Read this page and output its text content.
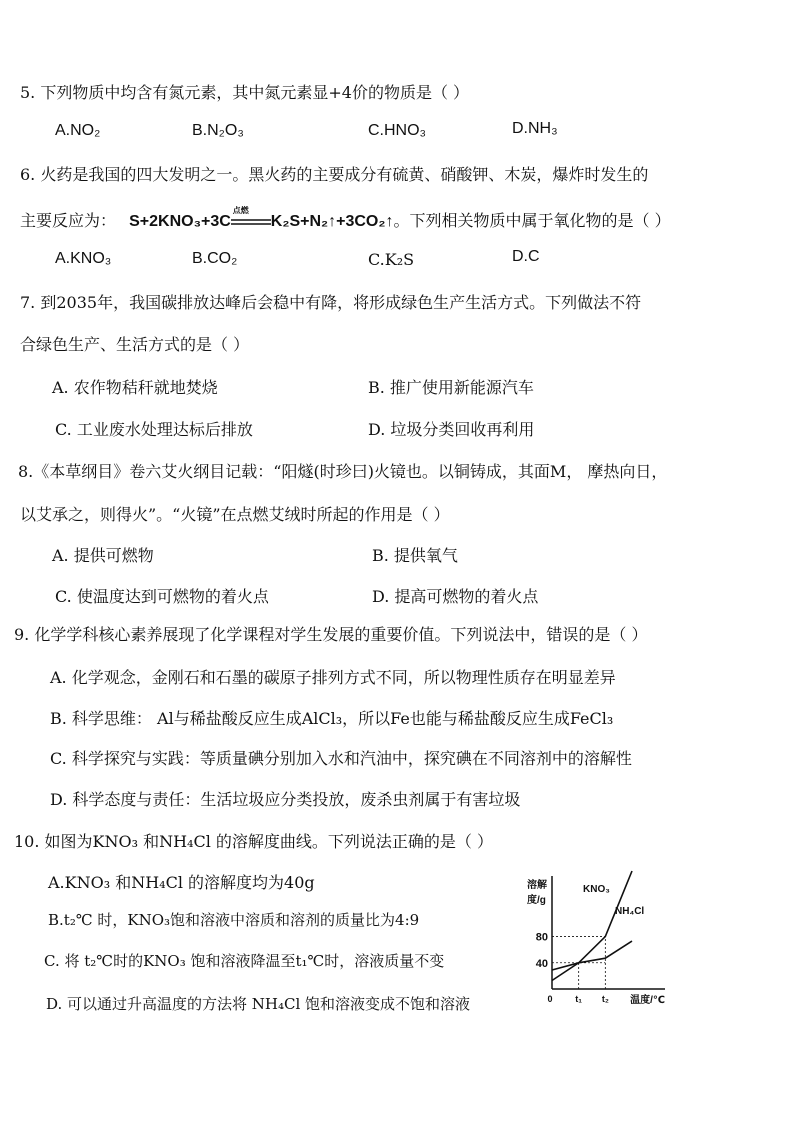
5. 下列物质中均含有氮元素，其中氮元素显+4价的物质是（ ）
A.NO₂	B.N₂O₃	C.HNO₃	D.NH₃
6. 火药是我国的四大发明之一。黑火药的主要成分有硫黄、硝酸钾、木炭，爆炸时发生的
主要反应为： S+2KNO₃+3C
点燃
K₂S+N₂↑+3CO₂↑。下列相关物质中属于氧化物的是（ ）
A.KNO₃	B.CO₂	C.K₂S	D.C
7. 到2035年，我国碳排放达峰后会稳中有降，将形成绿色生产生活方式。下列做法不符
合绿色生产、生活方式的是（ ）
A. 农作物秸秆就地焚烧	B. 推广使用新能源汽车
C. 工业废水处理达标后排放	D. 垃圾分类回收再利用
8.《本草纲目》卷六艾火纲目记载：“阳燧(时珍曰)火镜也。以铜铸成，其面M， 摩热向日，
以艾承之，则得火”。“火镜”在点燃艾绒时所起的作用是（ ）
A. 提供可燃物	B. 提供氧气
C. 使温度达到可燃物的着火点	D. 提高可燃物的着火点
9. 化学学科核心素养展现了化学课程对学生发展的重要价值。下列说法中，错误的是（ ）
A. 化学观念，金刚石和石墨的碳原子排列方式不同，所以物理性质存在明显差异
B. 科学思维： Al与稀盐酸反应生成AlCl₃，所以Fe也能与稀盐酸反应生成FeCl₃
C. 科学探究与实践：等质量碘分别加入水和汽油中，探究碘在不同溶剂中的溶解性
D. 科学态度与责任：生活垃圾应分类投放，废杀虫剂属于有害垃圾
10. 如图为KNO₃ 和NH₄Cl 的溶解度曲线。下列说法正确的是（ ）
A.KNO₃ 和NH₄Cl 的溶解度均为40g
B.t₂℃ 时，KNO₃饱和溶液中溶质和溶剂的质量比为4:9
C. 将 t₂℃时的KNO₃ 饱和溶液降温至t₁℃时，溶液质量不变
D. 可以通过升高温度的方法将 NH₄Cl 饱和溶液变成不饱和溶液
溶解
度/g
温度/℃
80
40
0	t₁ t₂
KNO₃
NH₄Cl
